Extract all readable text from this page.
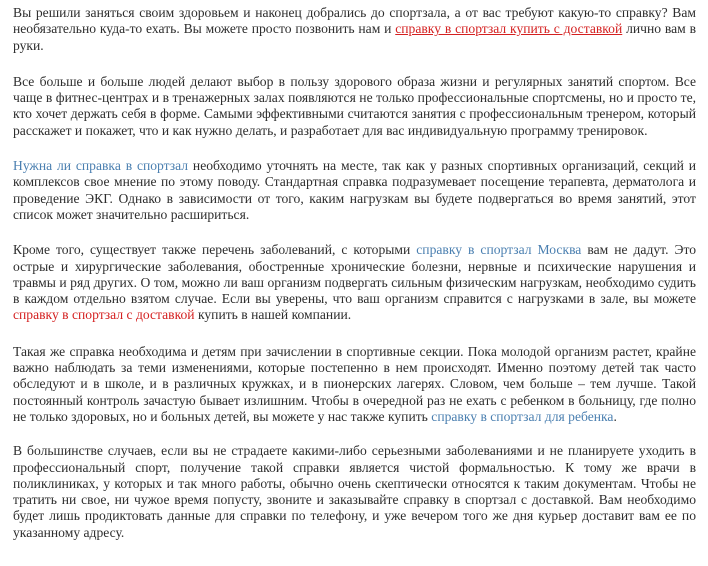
Вы решили заняться своим здоровьем и наконец добрались до спортзала, а от вас требуют какую-то справку? Вам необязательно куда-то ехать. Вы можете просто позвонить нам и справку в спортзал купить с доставкой лично вам в руки.

Все больше и больше людей делают выбор в пользу здорового образа жизни и регулярных занятий спортом. Все чаще в фитнес-центрах и в тренажерных залах появляются не только профессиональные спортсмены, но и просто те, кто хочет держать себя в форме. Самыми эффективными считаются занятия с профессиональным тренером, который расскажет и покажет, что и как нужно делать, и разработает для вас индивидуальную программу тренировок.

Нужна ли справка в спортзал необходимо уточнять на месте, так как у разных спортивных организаций, секций и комплексов свое мнение по этому поводу. Стандартная справка подразумевает посещение терапевта, дерматолога и проведение ЭКГ. Однако в зависимости от того, каким нагрузкам вы будете подвергаться во время занятий, этот список может значительно расшириться.

Кроме того, существует также перечень заболеваний, с которыми справку в спортзал Москва вам не дадут. Это острые и хирургические заболевания, обостренные хронические болезни, нервные и психические нарушения и травмы и ряд других. О том, можно ли ваш организм подвергать сильным физическим нагрузкам, необходимо судить в каждом отдельно взятом случае. Если вы уверены, что ваш организм справится с нагрузками в зале, вы можете справку в спортзал с доставкой купить в нашей компании.

Такая же справка необходима и детям при зачислении в спортивные секции. Пока молодой организм растет, крайне важно наблюдать за теми изменениями, которые постепенно в нем происходят. Именно поэтому детей так часто обследуют и в школе, и в различных кружках, и в пионерских лагерях. Словом, чем больше – тем лучше. Такой постоянный контроль зачастую бывает излишним. Чтобы в очередной раз не ехать с ребенком в больницу, где полно не только здоровых, но и больных детей, вы можете у нас также купить справку в спортзал для ребенка.

В большинстве случаев, если вы не страдаете какими-либо серьезными заболеваниями и не планируете уходить в профессиональный спорт, получение такой справки является чистой формальностью. К тому же врачи в поликлиниках, у которых и так много работы, обычно очень скептически относятся к таким документам. Чтобы не тратить ни свое, ни чужое время попусту, звоните и заказывайте справку в спортзал с доставкой. Вам необходимо будет лишь продиктовать данные для справки по телефону, и уже вечером того же дня курьер доставит вам ее по указанному адресу.
